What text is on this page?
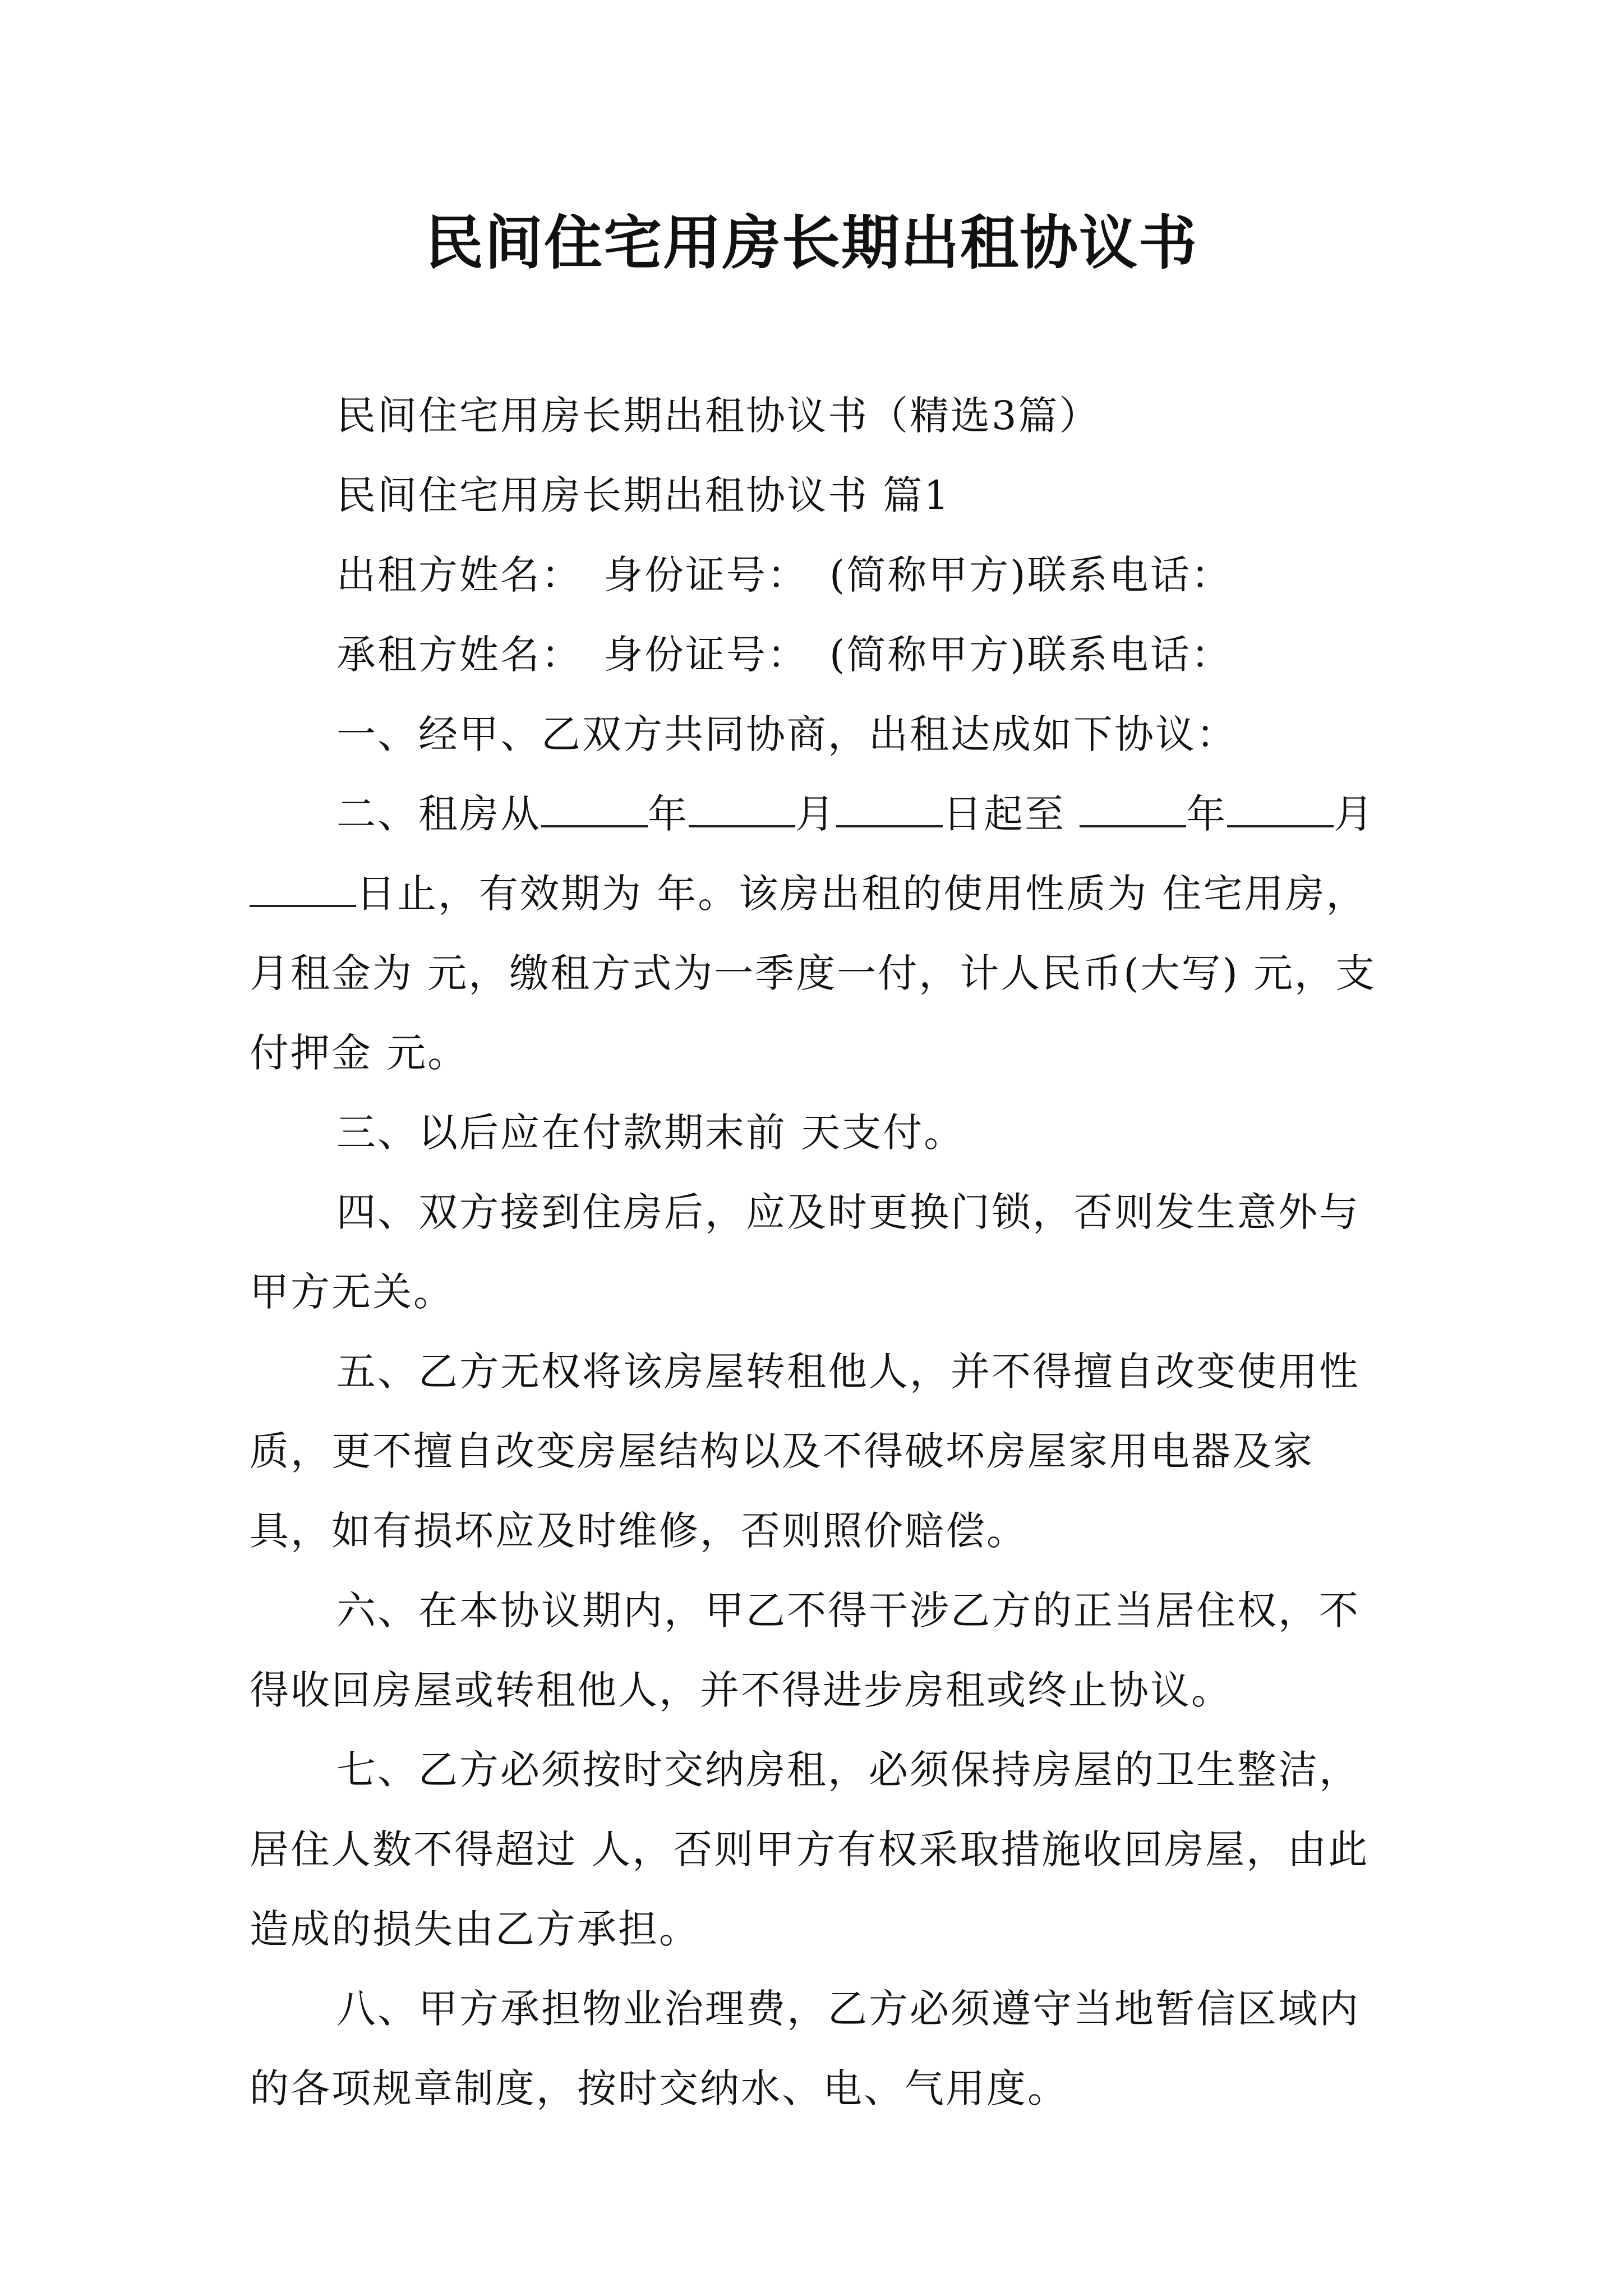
民间住宅用房长期出租协议书

民间住宅用房长期出租协议书（精选3篇）

民间住宅用房长期出租协议书 篇1

出租方姓名：　身份证号：　(简称甲方)联系电话：

承租方姓名：　身份证号：　(简称甲方)联系电话：

一、经甲、乙双方共同协商，出租达成如下协议：

二、租房从	年	月	日起至	年	月日止，有效期为 年。该房出租的使用性质为 住宅用房，月租金为 元，缴租方式为一季度一付，计人民币(大写) 元，支付押金 元。

三、以后应在付款期末前 天支付。

四、双方接到住房后，应及时更换门锁，否则发生意外与甲方无关。

五、乙方无权将该房屋转租他人，并不得擅自改变使用性质，更不擅自改变房屋结构以及不得破坏房屋家用电器及家具，如有损坏应及时维修，否则照价赔偿。

六、在本协议期内，甲乙不得干涉乙方的正当居住权，不得收回房屋或转租他人，并不得进步房租或终止协议。

七、乙方必须按时交纳房租，必须保持房屋的卫生整洁，居住人数不得超过 人，否则甲方有权采取措施收回房屋，由此造成的损失由乙方承担。

八、甲方承担物业治理费，乙方必须遵守当地暂信区域内的各项规章制度，按时交纳水、电、气用度。
